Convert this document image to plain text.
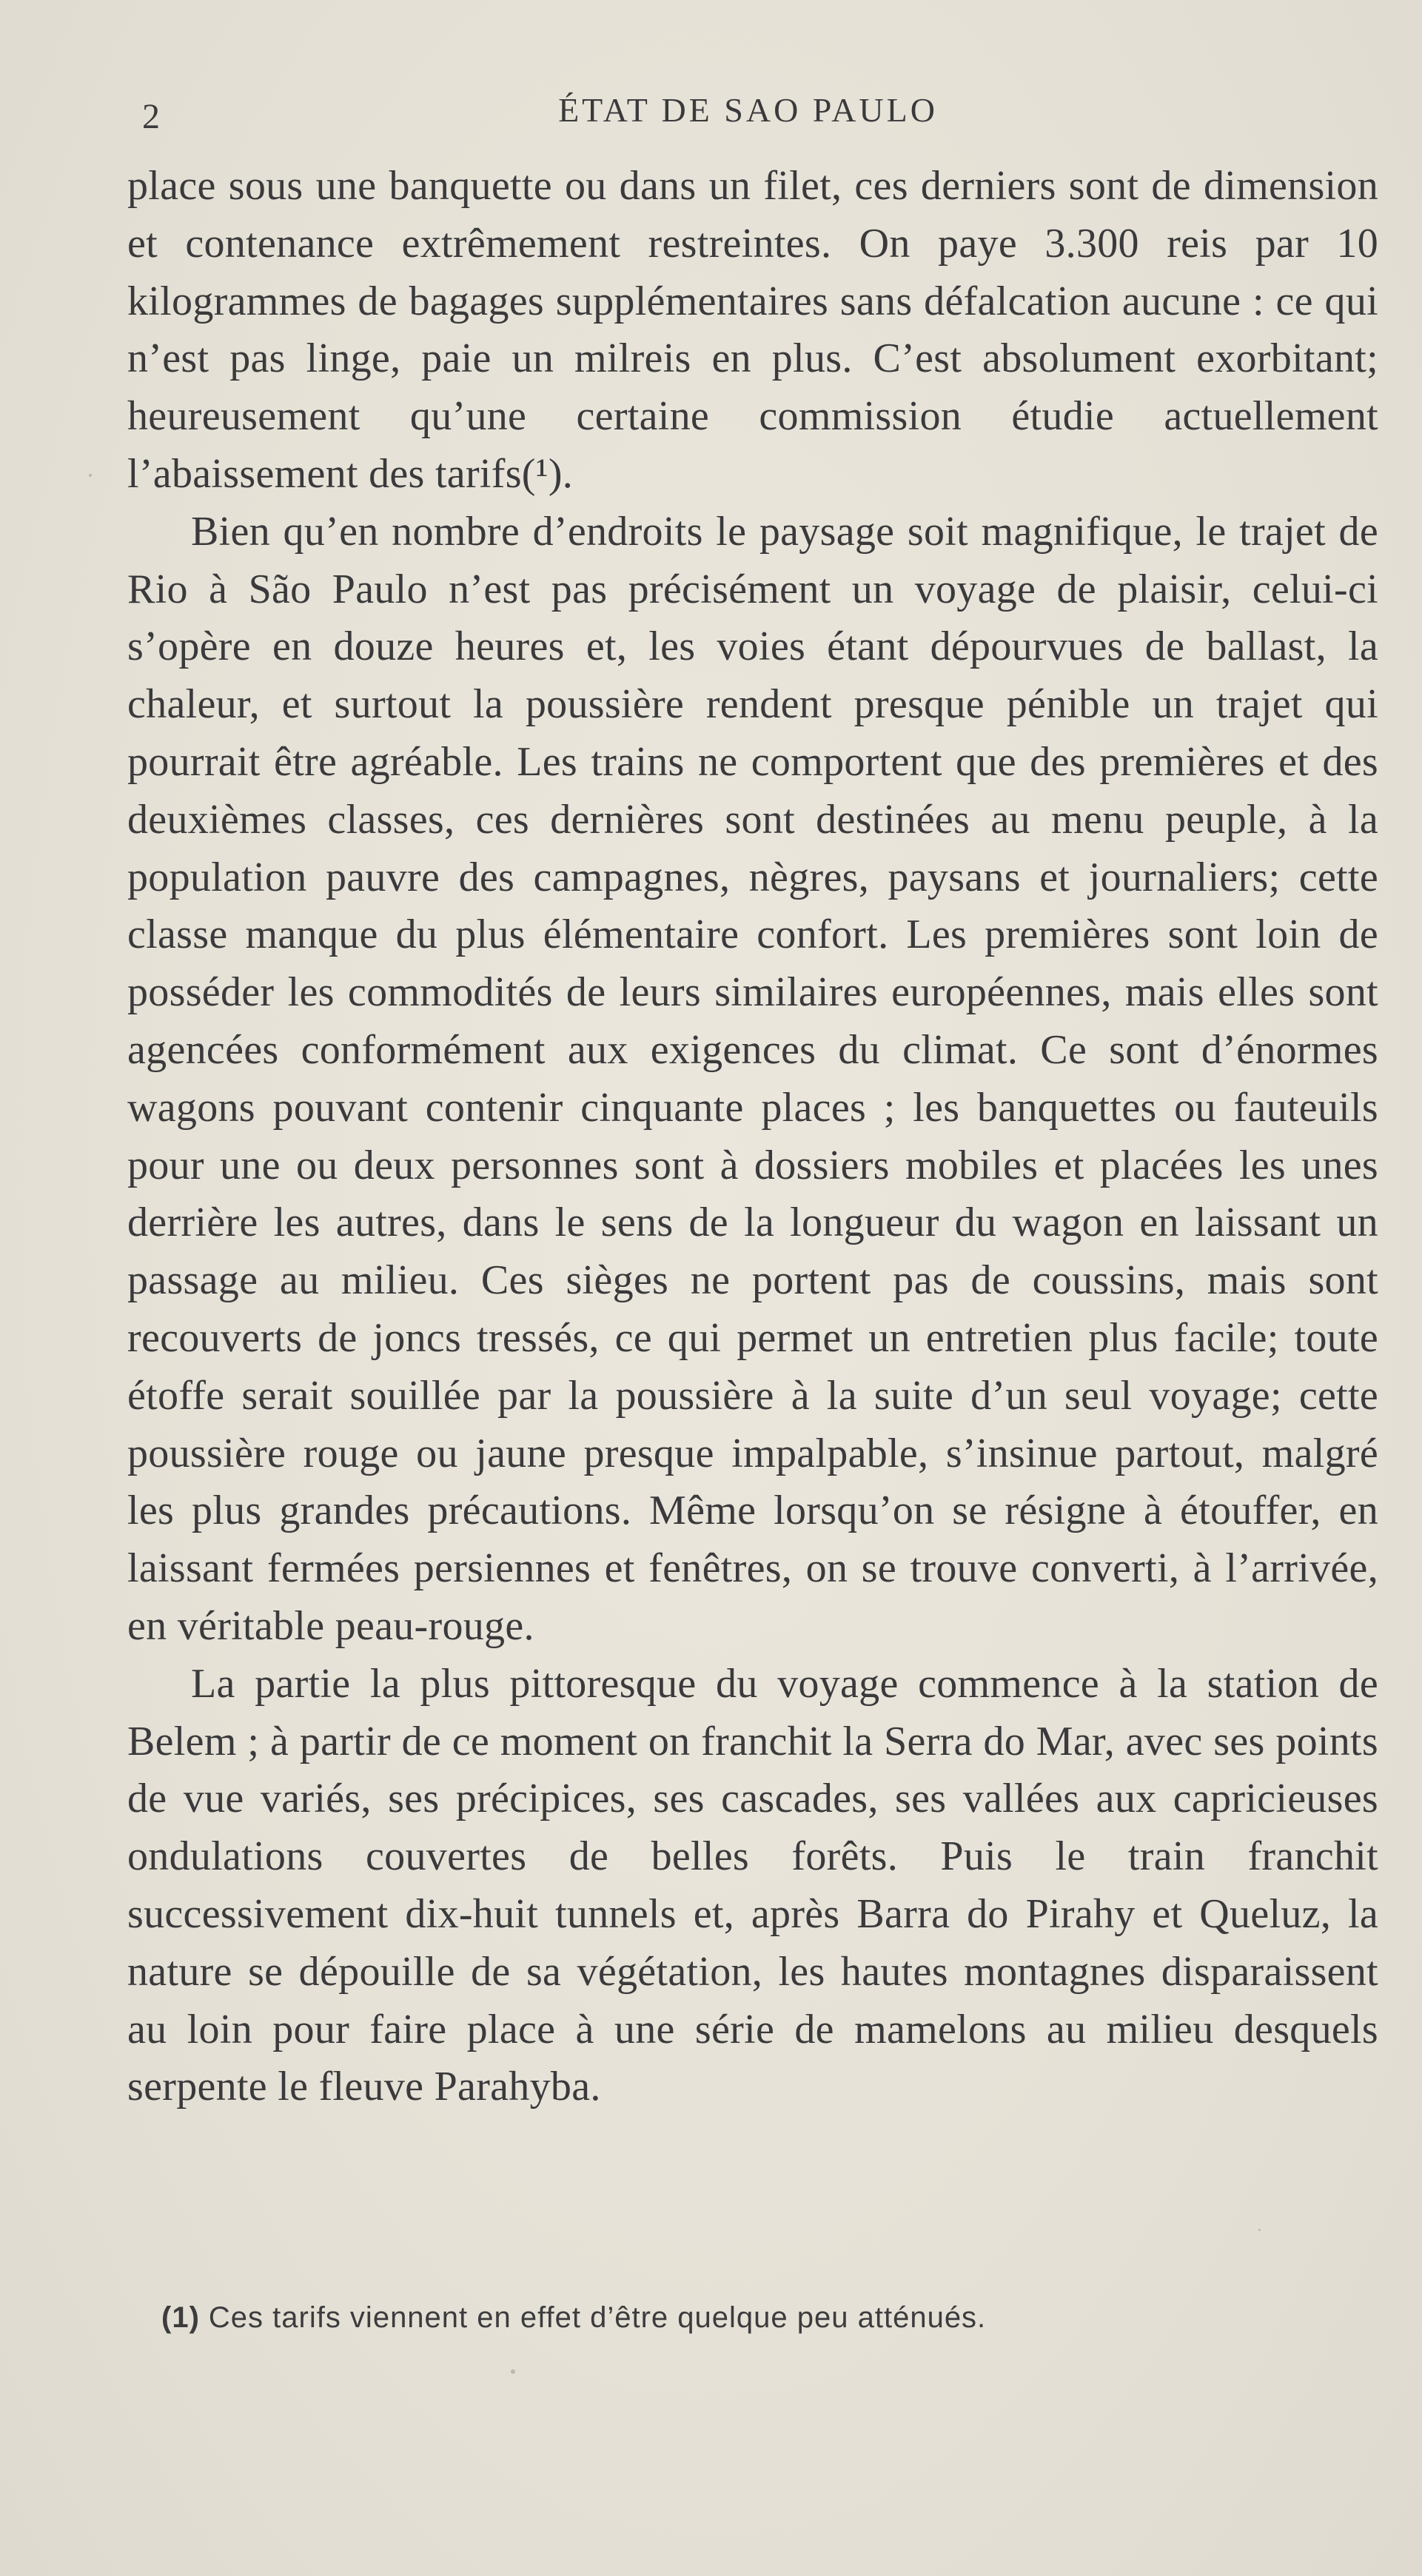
2	ÉTAT DE SAO PAULO

place sous une banquette ou dans un filet, ces derniers sont de dimension et contenance extrêmement restreintes. On paye 3.300 reis par 10 kilogrammes de bagages supplémentaires sans défalcation aucune : ce qui n’est pas linge, paie un milreis en plus. C’est absolument exorbitant; heureusement qu’une certaine commission étudie actuellement l’abaissement des tarifs(¹).

Bien qu’en nombre d’endroits le paysage soit magnifique, le trajet de Rio à São Paulo n’est pas précisément un voyage de plaisir, celui-ci s’opère en douze heures et, les voies étant dépourvues de ballast, la chaleur, et surtout la poussière rendent presque pénible un trajet qui pourrait être agréable. Les trains ne comportent que des premières et des deuxièmes classes, ces dernières sont destinées au menu peuple, à la population pauvre des campagnes, nègres, paysans et journaliers; cette classe manque du plus élémentaire confort. Les premières sont loin de posséder les commodités de leurs similaires européennes, mais elles sont agencées conformément aux exigences du climat. Ce sont d’énormes wagons pouvant contenir cinquante places ; les banquettes ou fauteuils pour une ou deux personnes sont à dossiers mobiles et placées les unes derrière les autres, dans le sens de la longueur du wagon en laissant un passage au milieu. Ces sièges ne portent pas de coussins, mais sont recouverts de joncs tressés, ce qui permet un entretien plus facile; toute étoffe serait souillée par la poussière à la suite d’un seul voyage; cette poussière rouge ou jaune presque impalpable, s’insinue partout, malgré les plus grandes précautions. Même lorsqu’on se résigne à étouffer, en laissant fermées persiennes et fenêtres, on se trouve converti, à l’arrivée, en véritable peau-rouge.

La partie la plus pittoresque du voyage commence à la station de Belem ; à partir de ce moment on franchit la Serra do Mar, avec ses points de vue variés, ses précipices, ses cascades, ses vallées aux capricieuses ondulations couvertes de belles forêts. Puis le train franchit successivement dix-huit tunnels et, après Barra do Pirahy et Queluz, la nature se dépouille de sa végétation, les hautes montagnes disparaissent au loin pour faire place à une série de mamelons au milieu desquels serpente le fleuve Parahyba.

(1) Ces tarifs viennent en effet d’être quelque peu atténués.
